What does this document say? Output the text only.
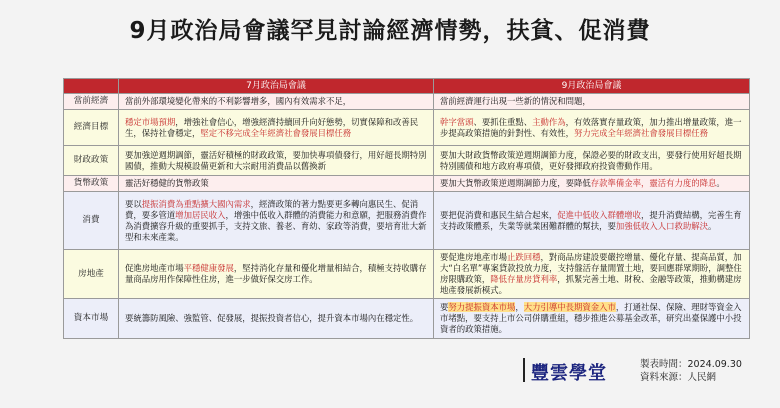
9月政治局會議罕見討論經濟情勢，扶貧、促消費
	7月政治局會議	9月政治局會議
當前經濟	當前外部環境變化帶來的不利影響增多，國內有效需求不足，	當前經濟運行出現一些新的情況和問題，
經濟目標	穩定市場預期，增強社會信心，增強經濟持續回升向好態勢，切實保障和改善民生，保持社會穩定，堅定不移完成全年經濟社會發展目標任務	幹字當頭、要抓住重點、主動作為，有效落實存量政策，加力推出增量政策，進一步提高政策措施的針對性、有效性，努力完成全年經濟社會發展目標任務
財政政策	要加強逆週期調節，靈活好積極的財政政策，要加快專項債發行，用好超長期特別國債，推動大規模設備更新和大宗耐用消費品以舊換新	要加大財政貨幣政策逆週期調節力度，保證必要的財政支出，要發行使用好超長期特別國債和地方政府專項債，更好發揮政府投資帶動作用。
貨幣政策	靈活好穩健的貨幣政策	要加大貨幣政策逆週期調節力度，要降低存款準備金率，靈活有力度的降息。
消費	要以提振消費為重點擴大國內需求，經濟政策的著力點要更多轉向惠民生、促消費，要多管道增加居民收入，增強中低收入群體的消費能力和意願，把服務消費作為消費擴容升級的重要抓手，支持文旅、養老、育幼、家政等消費，要培育壯大新型和未來產業。	要把促消費和惠民生結合起來，促進中低收入群體增收，提升消費結構，完善生育支持政策體系，失業等就業困難群體的幫扶，要加強低收入人口救助解決。
房地產	促進房地產市場平穩健康發展，堅持消化存量和優化增量相結合，積極支持收購存量商品房用作保障性住房，進一步做好保交房工作。	要促進房地產市場止跌回穩，對商品房建設要嚴控增量、優化存量、提高品質，加大“白名單”專案貸款投放力度，支持盤活存量閒置土地，要回應群眾期盼，調整住房限購政策，降低存量房貸利率，抓緊完善土地、財稅、金融等政策，推動構建房地產發展新模式。
資本市場	要統籌防風險、強監管、促發展，提振投資者信心，提升資本市場內在穩定性。	要努力提振資本市場，大力引導中長期資金入市，打通社保、保險、理財等資金入市堵點，要支持上市公司併購重組，穩步推進公募基金改革，研究出臺保護中小投資者的政策措施。
豐雲學堂	製表時間：2024.09.30
資料來源：人民網
